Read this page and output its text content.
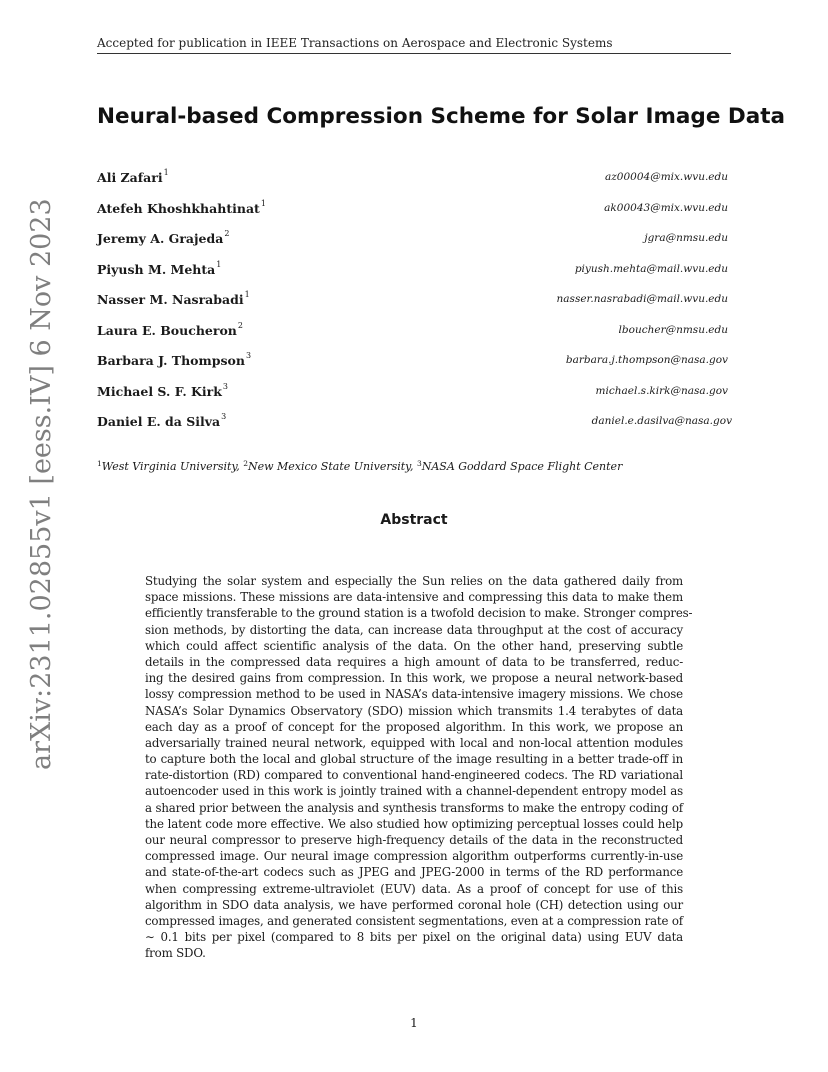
Accepted for publication in IEEE Transactions on Aerospace and Electronic Systems
Neural-based Compression Scheme for Solar Image Data
Ali Zafari$^1$	az00004@mix.wvu.edu
Atefeh Khoshkhahtinat$^1$	ak00043@mix.wvu.edu
Jeremy A. Grajeda$^2$	jgra@nmsu.edu
Piyush M. Mehta$^1$	piyush.mehta@mail.wvu.edu
Nasser M. Nasrabadi$^1$	nasser.nasrabadi@mail.wvu.edu
Laura E. Boucheron$^2$	lboucher@nmsu.edu
Barbara J. Thompson$^3$	barbara.j.thompson@nasa.gov
Michael S. F. Kirk$^3$	michael.s.kirk@nasa.gov
Daniel E. da Silva$^3$	daniel.e.dasilva@nasa.gov
$^1$West Virginia University, $^2$New Mexico State University, $^3$NASA Goddard Space Flight Center
Abstract
Studying the solar system and especially the Sun relies on the data gathered daily from
space missions. These missions are data-intensive and compressing this data to make them
efficiently transferable to the ground station is a twofold decision to make. Stronger compres-
sion methods, by distorting the data, can increase data throughput at the cost of accuracy
which could affect scientific analysis of the data. On the other hand, preserving subtle
details in the compressed data requires a high amount of data to be transferred, reduc-
ing the desired gains from compression. In this work, we propose a neural network-based
lossy compression method to be used in NASA’s data-intensive imagery missions. We chose
NASA’s Solar Dynamics Observatory (SDO) mission which transmits 1.4 terabytes of data
each day as a proof of concept for the proposed algorithm. In this work, we propose an
adversarially trained neural network, equipped with local and non-local attention modules
to capture both the local and global structure of the image resulting in a better trade-off in
rate-distortion (RD) compared to conventional hand-engineered codecs. The RD variational
autoencoder used in this work is jointly trained with a channel-dependent entropy model as
a shared prior between the analysis and synthesis transforms to make the entropy coding of
the latent code more effective. We also studied how optimizing perceptual losses could help
our neural compressor to preserve high-frequency details of the data in the reconstructed
compressed image. Our neural image compression algorithm outperforms currently-in-use
and state-of-the-art codecs such as JPEG and JPEG-2000 in terms of the RD performance
when compressing extreme-ultraviolet (EUV) data. As a proof of concept for use of this
algorithm in SDO data analysis, we have performed coronal hole (CH) detection using our
compressed images, and generated consistent segmentations, even at a compression rate of
∼ 0.1 bits per pixel (compared to 8 bits per pixel on the original data) using EUV data
from SDO.
arXiv:2311.02855v1 [eess.IV] 6 Nov 2023
1
